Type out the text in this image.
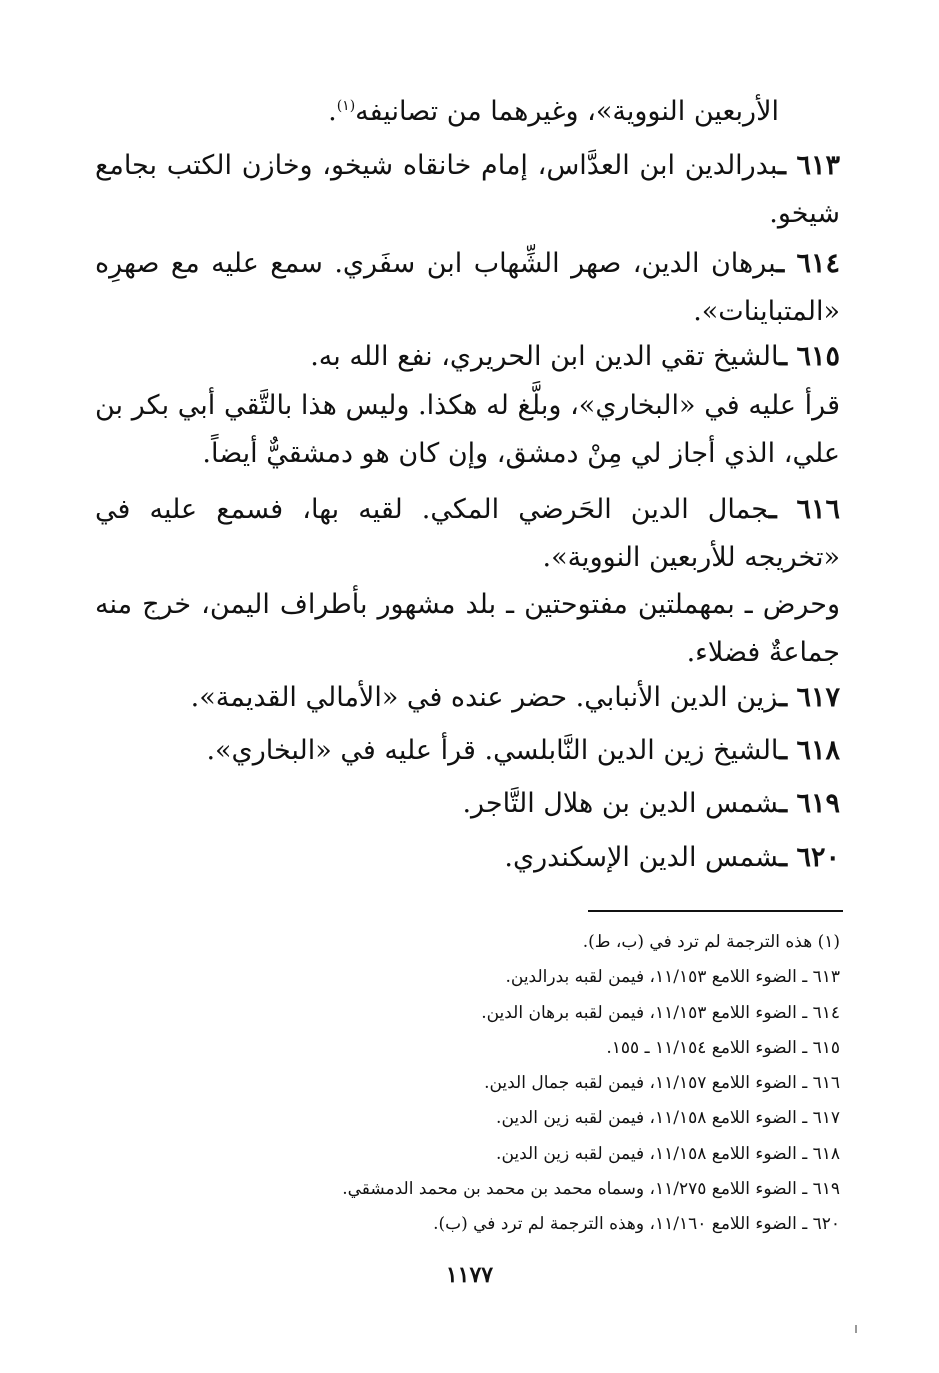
الأربعين النووية»، وغيرهما من تصانيفه$^{(١)}$.
٦١٣ ـبدرالدين ابن العدَّاس، إمام خانقاه شيخو، وخازن الكتب بجامع شيخو.
٦١٤ ـبرهان الدين، صهر الشِّهاب ابن سفَري. سمع عليه مع صهرِه «المتباينات».
٦١٥ ـالشيخ تقي الدين ابن الحريري، نفع الله به.
قرأ عليه في «البخاري»، وبلَّغ له هكذا. وليس هذا بالتَّقي أبي بكر بن علي، الذي أجاز لي مِنْ دمشق، وإن كان هو دمشقيٌّ أيضاً.
٦١٦ ـجمال الدين الحَرضي المكي. لقيه بها، فسمع عليه في «تخريجه للأربعين النووية».
وحرض ـ بمهملتين مفتوحتين ـ بلد مشهور بأطراف اليمن، خرج منه جماعةٌ فضلاء.
٦١٧ ـزين الدين الأنبابي. حضر عنده في «الأمالي القديمة».
٦١٨ ـالشيخ زين الدين النَّابلسي. قرأ عليه في «البخاري».
٦١٩ ـشمس الدين بن هلال التَّاجر.
٦٢٠ ـشمس الدين الإسكندري.
(١) هذه الترجمة لم ترد في (ب، ط).
٦١٣ ـ الضوء اللامع ١١/١٥٣، فيمن لقبه بدرالدين.
٦١٤ ـ الضوء اللامع ١١/١٥٣، فيمن لقبه برهان الدين.
٦١٥ ـ الضوء اللامع ١١/١٥٤ ـ ١٥٥.
٦١٦ ـ الضوء اللامع ١١/١٥٧، فيمن لقبه جمال الدين.
٦١٧ ـ الضوء اللامع ١١/١٥٨، فيمن لقبه زين الدين.
٦١٨ ـ الضوء اللامع ١١/١٥٨، فيمن لقبه زين الدين.
٦١٩ ـ الضوء اللامع ١١/٢٧٥، وسماه محمد بن محمد بن محمد الدمشقي.
٦٢٠ ـ الضوء اللامع ١١/١٦٠، وهذه الترجمة لم ترد في (ب).
١١٧٧
